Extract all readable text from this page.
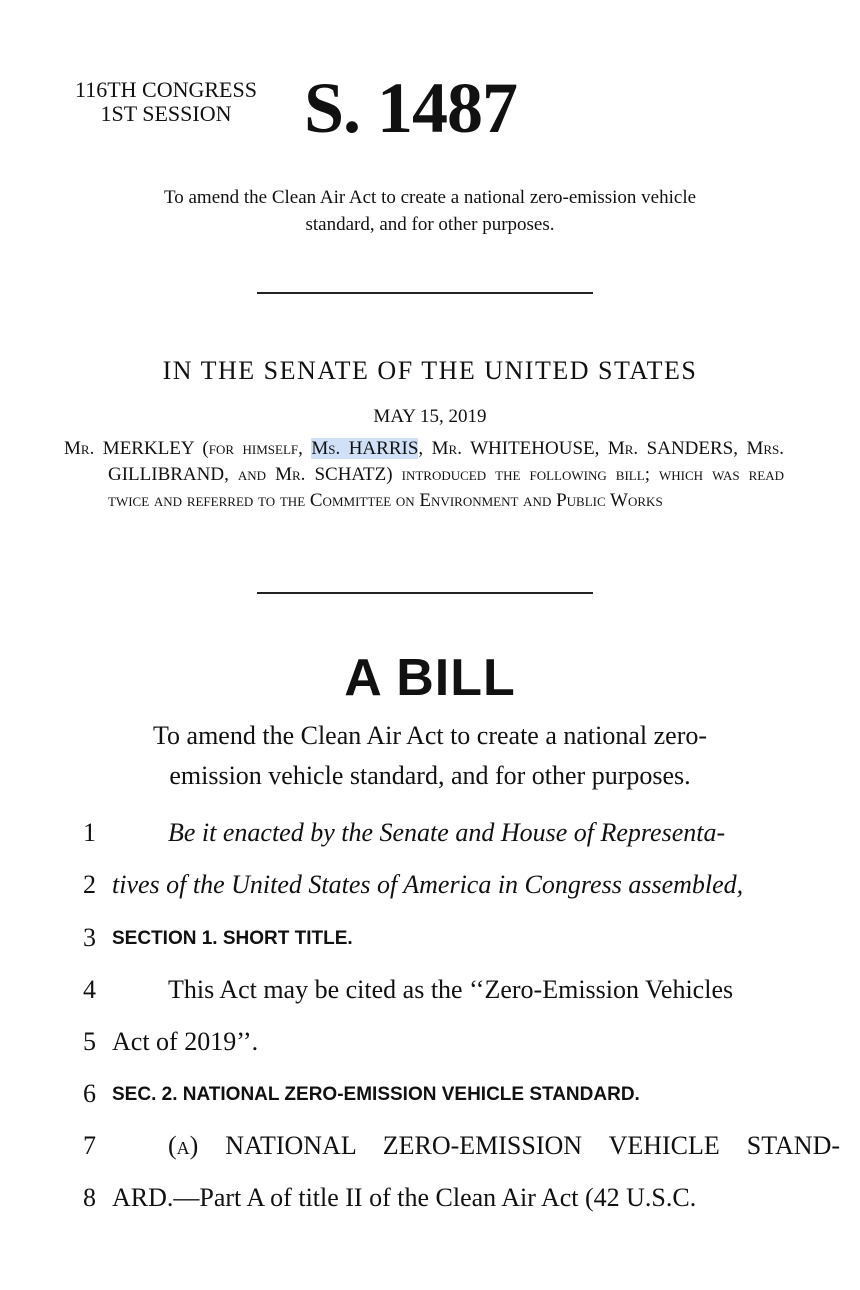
116TH CONGRESS
1ST SESSION	S. 1487
To amend the Clean Air Act to create a national zero-emission vehicle
standard, and for other purposes.
IN THE SENATE OF THE UNITED STATES
MAY 15, 2019

Mr. MERKLEY (for himself, Ms. HARRIS, Mr. WHITEHOUSE, Mr. SANDERS, Mrs. GILLIBRAND, and Mr. SCHATZ) introduced the following bill; which was read twice and referred to the Committee on Environment and Public Works

A BILL
To amend the Clean Air Act to create a national zero-
emission vehicle standard, and for other purposes.
1	Be it enacted by the Senate and House of Representa-
2 tives of the United States of America in Congress assembled,
3 SECTION 1. SHORT TITLE.
4	This Act may be cited as the ‘‘Zero-Emission Vehicles
5 Act of 2019’’.
6 SEC. 2. NATIONAL ZERO-EMISSION VEHICLE STANDARD.
7	(a) NATIONAL ZERO-EMISSION VEHICLE STAND-
8 ARD.—Part A of title II of the Clean Air Act (42 U.S.C.
